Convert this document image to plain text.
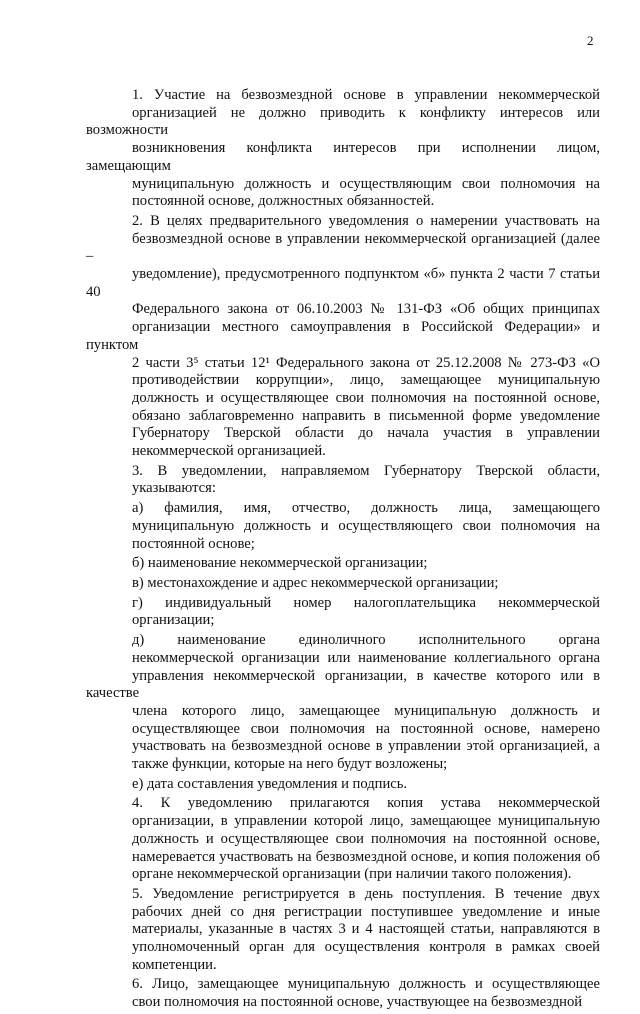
2

1. Участие на безвозмездной основе в управлении некоммерческой
организацией не должно приводить к конфликту интересов или возможности
возникновения конфликта интересов при исполнении лицом, замещающим
муниципальную должность и осуществляющим свои полномочия на
постоянной основе, должностных обязанностей.

2. В целях предварительного уведомления о намерении участвовать на
безвозмездной основе в управлении некоммерческой организацией (далее –
уведомление), предусмотренного подпунктом «б» пункта 2 части 7 статьи 40
Федерального закона от 06.10.2003 № 131-ФЗ «Об общих принципах
организации местного самоуправления в Российской Федерации» и пунктом
2 части 3⁵ статьи 12¹ Федерального закона от 25.12.2008 № 273-ФЗ «О
противодействии коррупции», лицо, замещающее муниципальную
должность и осуществляющее свои полномочия на постоянной основе,
обязано заблаговременно направить в письменной форме уведомление
Губернатору Тверской области до начала участия в управлении
некоммерческой организацией.

3. В уведомлении, направляемом Губернатору Тверской области,
указываются:

а) фамилия, имя, отчество, должность лица, замещающего
муниципальную должность и осуществляющего свои полномочия на
постоянной основе;

б) наименование некоммерческой организации;

в) местонахождение и адрес некоммерческой организации;

г) индивидуальный номер налогоплательщика некоммерческой
организации;

д) наименование единоличного исполнительного органа
некоммерческой организации или наименование коллегиального органа
управления некоммерческой организации, в качестве которого или в качестве
члена которого лицо, замещающее муниципальную должность и
осуществляющее свои полномочия на постоянной основе, намерено
участвовать на безвозмездной основе в управлении этой организацией, а
также функции, которые на него будут возложены;

е) дата составления уведомления и подпись.

4. К уведомлению прилагаются копия устава некоммерческой
организации, в управлении которой лицо, замещающее муниципальную
должность и осуществляющее свои полномочия на постоянной основе,
намеревается участвовать на безвозмездной основе, и копия положения об
органе некоммерческой организации (при наличии такого положения).

5. Уведомление регистрируется в день поступления. В течение двух
рабочих дней со дня регистрации поступившее уведомление и иные
материалы, указанные в частях 3 и 4 настоящей статьи, направляются в
уполномоченный орган для осуществления контроля в рамках своей
компетенции.

6. Лицо, замещающее муниципальную должность и осуществляющее
свои полномочия на постоянной основе, участвующее на безвозмездной
